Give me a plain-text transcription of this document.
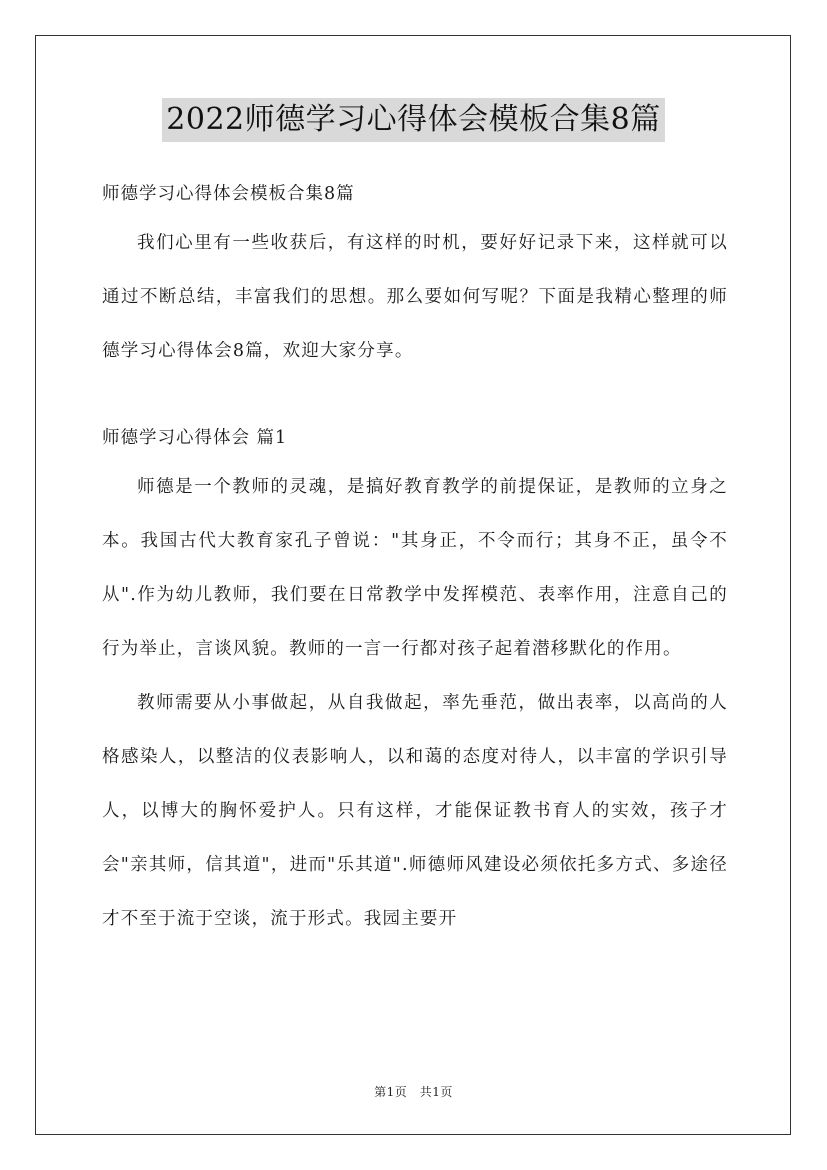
2022师德学习心得体会模板合集8篇

师德学习心得体会模板合集8篇

我们心里有一些收获后，有这样的时机，要好好记录下来，这样就可以通过不断总结，丰富我们的思想。那么要如何写呢？下面是我精心整理的师德学习心得体会8篇，欢迎大家分享。

师德学习心得体会 篇1

师德是一个教师的灵魂，是搞好教育教学的前提保证，是教师的立身之本。我国古代大教育家孔子曾说："其身正，不令而行；其身不正，虽令不从".作为幼儿教师，我们要在日常教学中发挥模范、表率作用，注意自己的行为举止，言谈风貌。教师的一言一行都对孩子起着潜移默化的作用。

教师需要从小事做起，从自我做起，率先垂范，做出表率，以高尚的人格感染人，以整洁的仪表影响人，以和蔼的态度对待人，以丰富的学识引导人，以博大的胸怀爱护人。只有这样，才能保证教书育人的实效，孩子才会"亲其师，信其道"，进而"乐其道".师德师风建设必须依托多方式、多途径才不至于流于空谈，流于形式。我园主要开

第1页　共1页
